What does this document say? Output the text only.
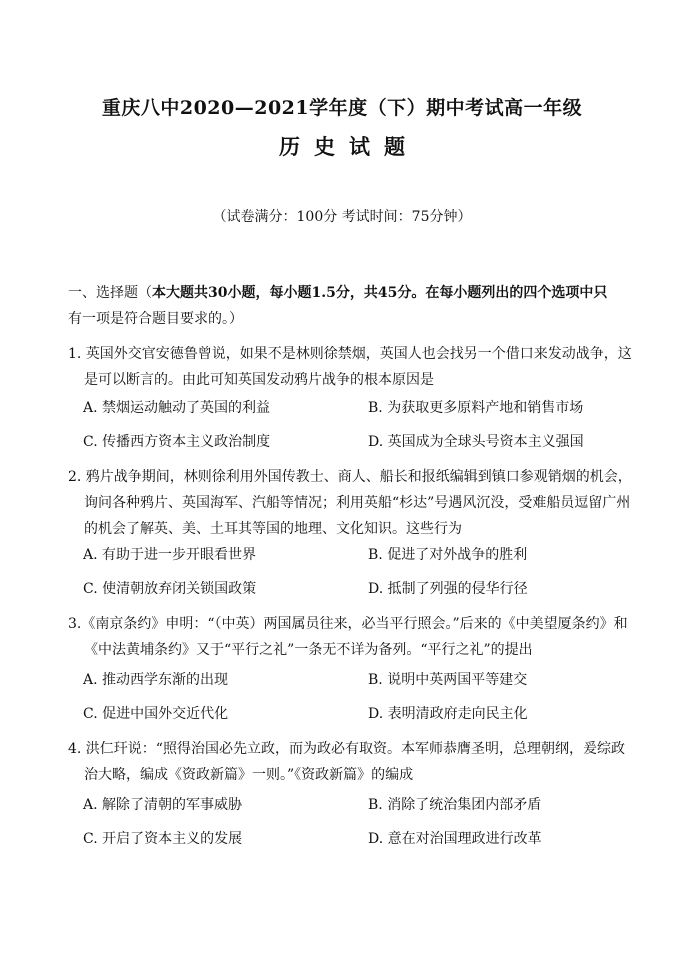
重庆八中2020—2021学年度（下）期中考试高一年级
历史试题
（试卷满分：100分 考试时间：75分钟）
一、选择题（本大题共30小题，每小题1.5分，共45分。在每小题列出的四个选项中只
有一项是符合题目要求的。）
1. 英国外交官安德鲁曾说，如果不是林则徐禁烟，英国人也会找另一个借口来发动战争，这是可以断言的。由此可知英国发动鸦片战争的根本原因是
A. 禁烟运动触动了英国的利益	B. 为获取更多原料产地和销售市场
C. 传播西方资本主义政治制度	D. 英国成为全球头号资本主义强国
2. 鸦片战争期间，林则徐利用外国传教士、商人、船长和报纸编辑到镇口参观销烟的机会，询问各种鸦片、英国海军、汽船等情况；利用英船“杉达”号遇风沉没，受难船员逗留广州的机会了解英、美、土耳其等国的地理、文化知识。这些行为
A. 有助于进一步开眼看世界	B. 促进了对外战争的胜利
C. 使清朝放弃闭关锁国政策	D. 抵制了列强的侵华行径
3.《南京条约》申明：“（中英）两国属员往来，必当平行照会。”后来的《中美望厦条约》和《中法黄埔条约》又于“平行之礼”一条无不详为备列。“平行之礼”的提出
A. 推动西学东渐的出现	B. 说明中英两国平等建交
C. 促进中国外交近代化	D. 表明清政府走向民主化
4. 洪仁玕说：“照得治国必先立政，而为政必有取资。本军师恭膺圣明，总理朝纲，爰综政治大略，编成《资政新篇》一则。”《资政新篇》的编成
A. 解除了清朝的军事威胁	B. 消除了统治集团内部矛盾
C. 开启了资本主义的发展	D. 意在对治国理政进行改革
